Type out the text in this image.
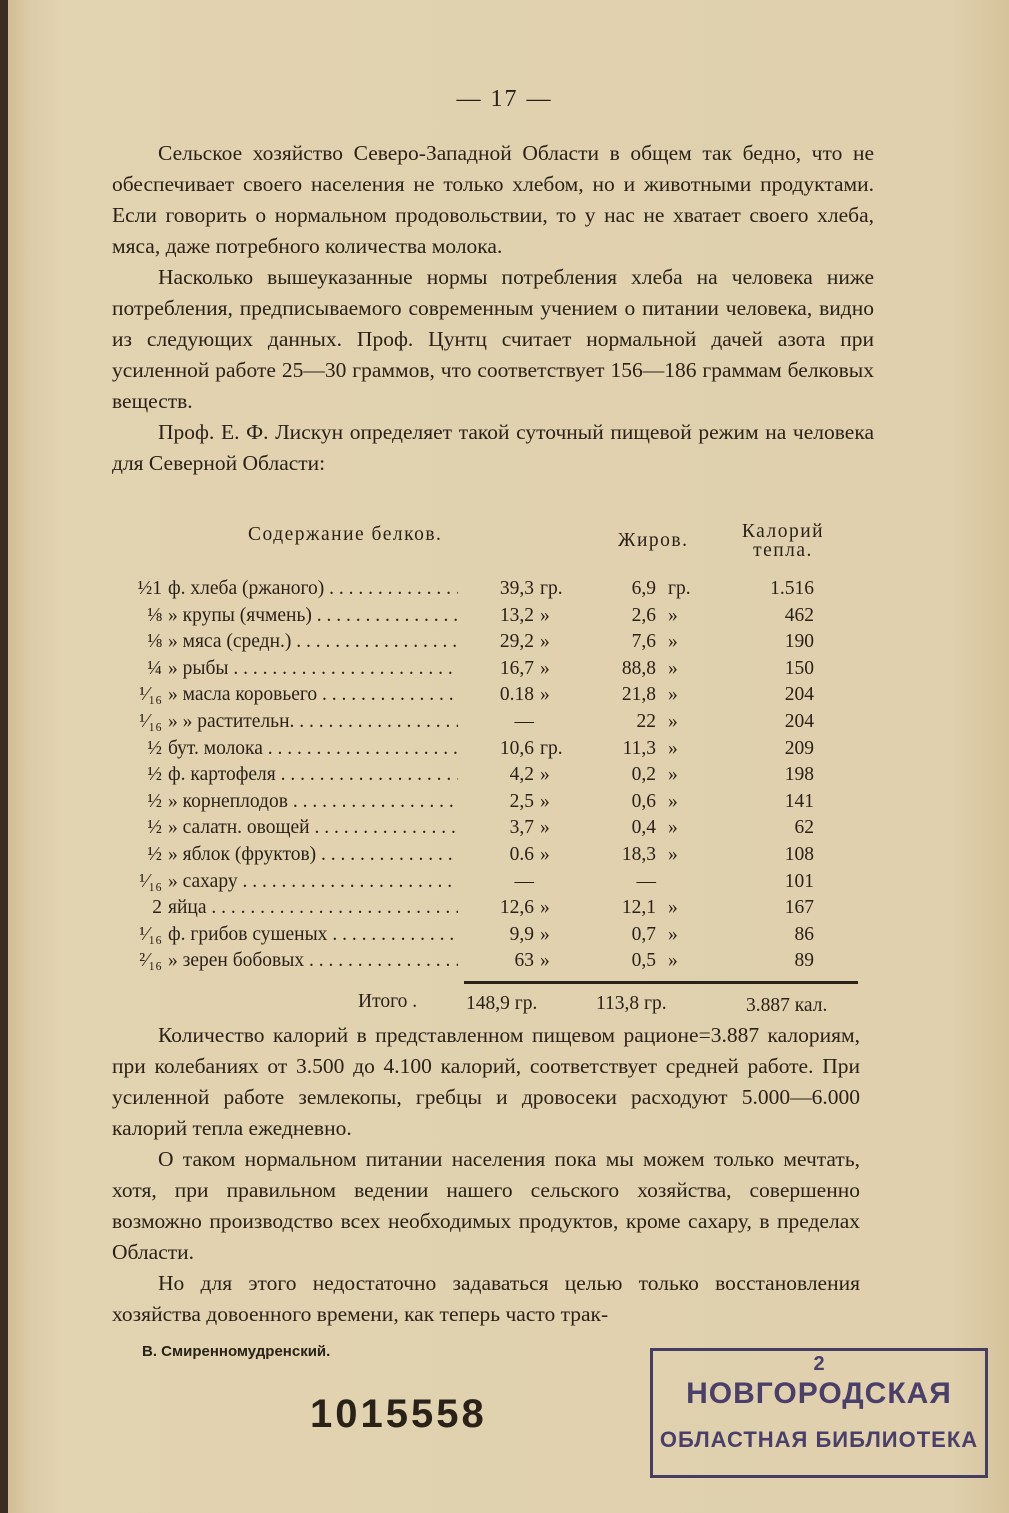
— 17 —

Сельское хозяйство Северо-Западной Области в общем так бедно, что не обеспечивает своего населения не только хлебом, но и животными продуктами. Если говорить о нормальном продовольствии, то у нас не хватает своего хлеба, мяса, даже потребного количества молока.

Насколько вышеуказанные нормы потребления хлеба на человека ниже потребления, предписываемого современным учением о питании человека, видно из следующих данных. Проф. Цунтц считает нормальной дачей азота при усиленной работе 25—30 граммов, что соответствует 156—186 граммам белковых веществ.

Проф. Е. Ф. Лискун определяет такой суточный пищевой режим на человека для Северной Области:

Содержание белков.	Жиров.	Калорий тепла.
1½ ф. хлеба (ржаного) . . .	39,3 гр.	6,9 гр.	1.516
⅛ » крупы (ячмень) . . .	13,2 »	2,6 »	462
⅛ » мяса (средн.) . . .	29,2 »	7,6 »	190
¼ » рыбы . . .	16,7 »	88,8 »	150
¹⁄₁₆ » масла коровьего . . .	0.18 »	21,8 »	204
¹⁄₁₆ » » растительн. . . .	—	22 »	204
½ бут. молока . . .	10,6 гр.	11,3 »	209
½ ф. картофеля . . .	4,2 »	0,2 »	198
½ » корнеплодов . . .	2,5 »	0,6 »	141
½ » салатн. овощей . . .	3,7 »	0,4 »	62
½ » яблок (фруктов) . . .	0.6 »	18,3 »	108
¹⁄₁₆ » сахару . . .	—	—	101
2 яйца . . .	12,6 »	12,1 »	167
¹⁄₁₆ ф. грибов сушеных . . .	9,9 »	0,7 »	86
²⁄₁₆ » зерен бобовых . . .	63 »	0,5 »	89
Итого .	148,9 гр.	113,8 гр.	3.887 кал.

Количество калорий в представленном пищевом рационе=3.887 калориям, при колебаниях от 3.500 до 4.100 калорий, соответствует средней работе. При усиленной работе землекопы, гребцы и дровосеки расходуют 5.000—6.000 калорий тепла ежедневно.

О таком нормальном питании населения пока мы можем только мечтать, хотя, при правильном ведении нашего сельского хозяйства, совершенно возможно производство всех необходимых продуктов, кроме сахару, в пределах Области.

Но для этого недостаточно задаваться целью только восстановления хозяйства довоенного времени, как теперь часто трак-

В. Смиренномудренский.
1015558
2
НОВГОРОДСКАЯ
ОБЛАСТНАЯ БИБЛИОТЕКА
